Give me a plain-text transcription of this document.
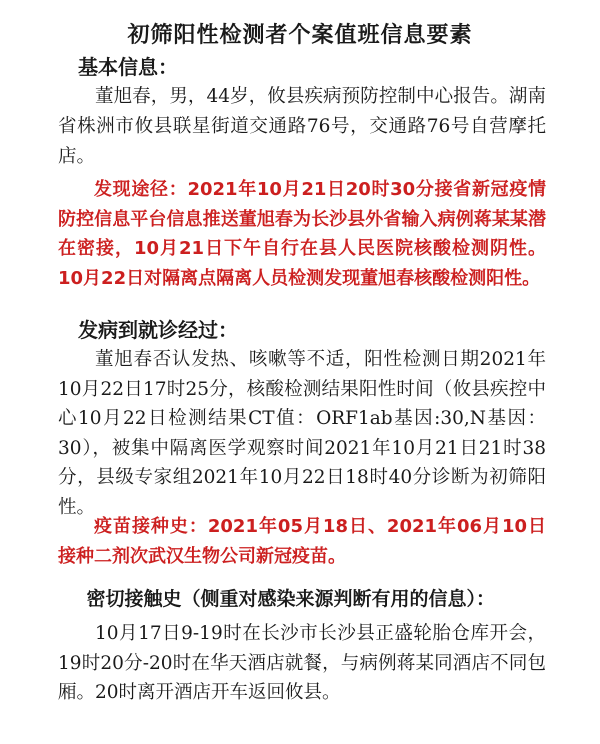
初筛阳性检测者个案值班信息要素
基本信息：
董旭春，男，44岁，攸县疾病预防控制中心报告。湖南省株洲市攸县联星街道交通路76号，交通路76号自营摩托店。
发现途径：2021年10月21日20时30分接省新冠疫情防控信息平台信息推送董旭春为长沙县外省输入病例蒋某某潜在密接，10月21日下午自行在县人民医院核酸检测阴性。10月22日对隔离点隔离人员检测发现董旭春核酸检测阳性。
发病到就诊经过：
董旭春否认发热、咳嗽等不适，阳性检测日期2021年10月22日17时25分，核酸检测结果阳性时间（攸县疾控中心10月22日检测结果CT值：ORF1ab基因:30,N基因：30），被集中隔离医学观察时间2021年10月21日21时38分，县级专家组2021年10月22日18时40分诊断为初筛阳性。
疫苗接种史：2021年05月18日、2021年06月10日接种二剂次武汉生物公司新冠疫苗。
密切接触史（侧重对感染来源判断有用的信息）：
10月17日9-19时在长沙市长沙县正盛轮胎仓库开会，19时20分-20时在华天酒店就餐，与病例蒋某同酒店不同包厢。20时离开酒店开车返回攸县。
